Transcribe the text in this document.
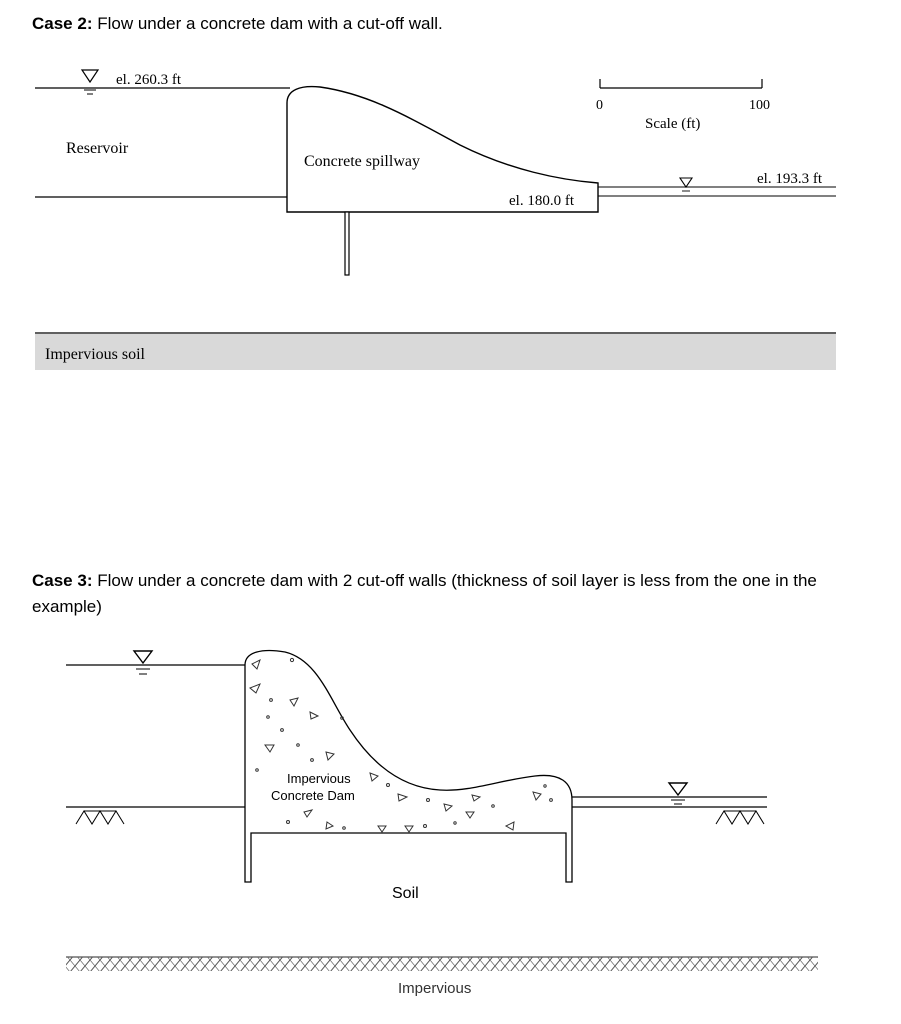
Case 2: Flow under a concrete dam with a cut-off wall.
el. 260.3 ft
Reservoir
Concrete spillway
el. 180.0 ft
el. 193.3 ft
0	100
Scale (ft)
Impervious soil
Case 3: Flow under a concrete dam with 2 cut-off walls (thickness of soil layer is less from the one in the example)
Impervious
Concrete Dam
Soil
Impervious
